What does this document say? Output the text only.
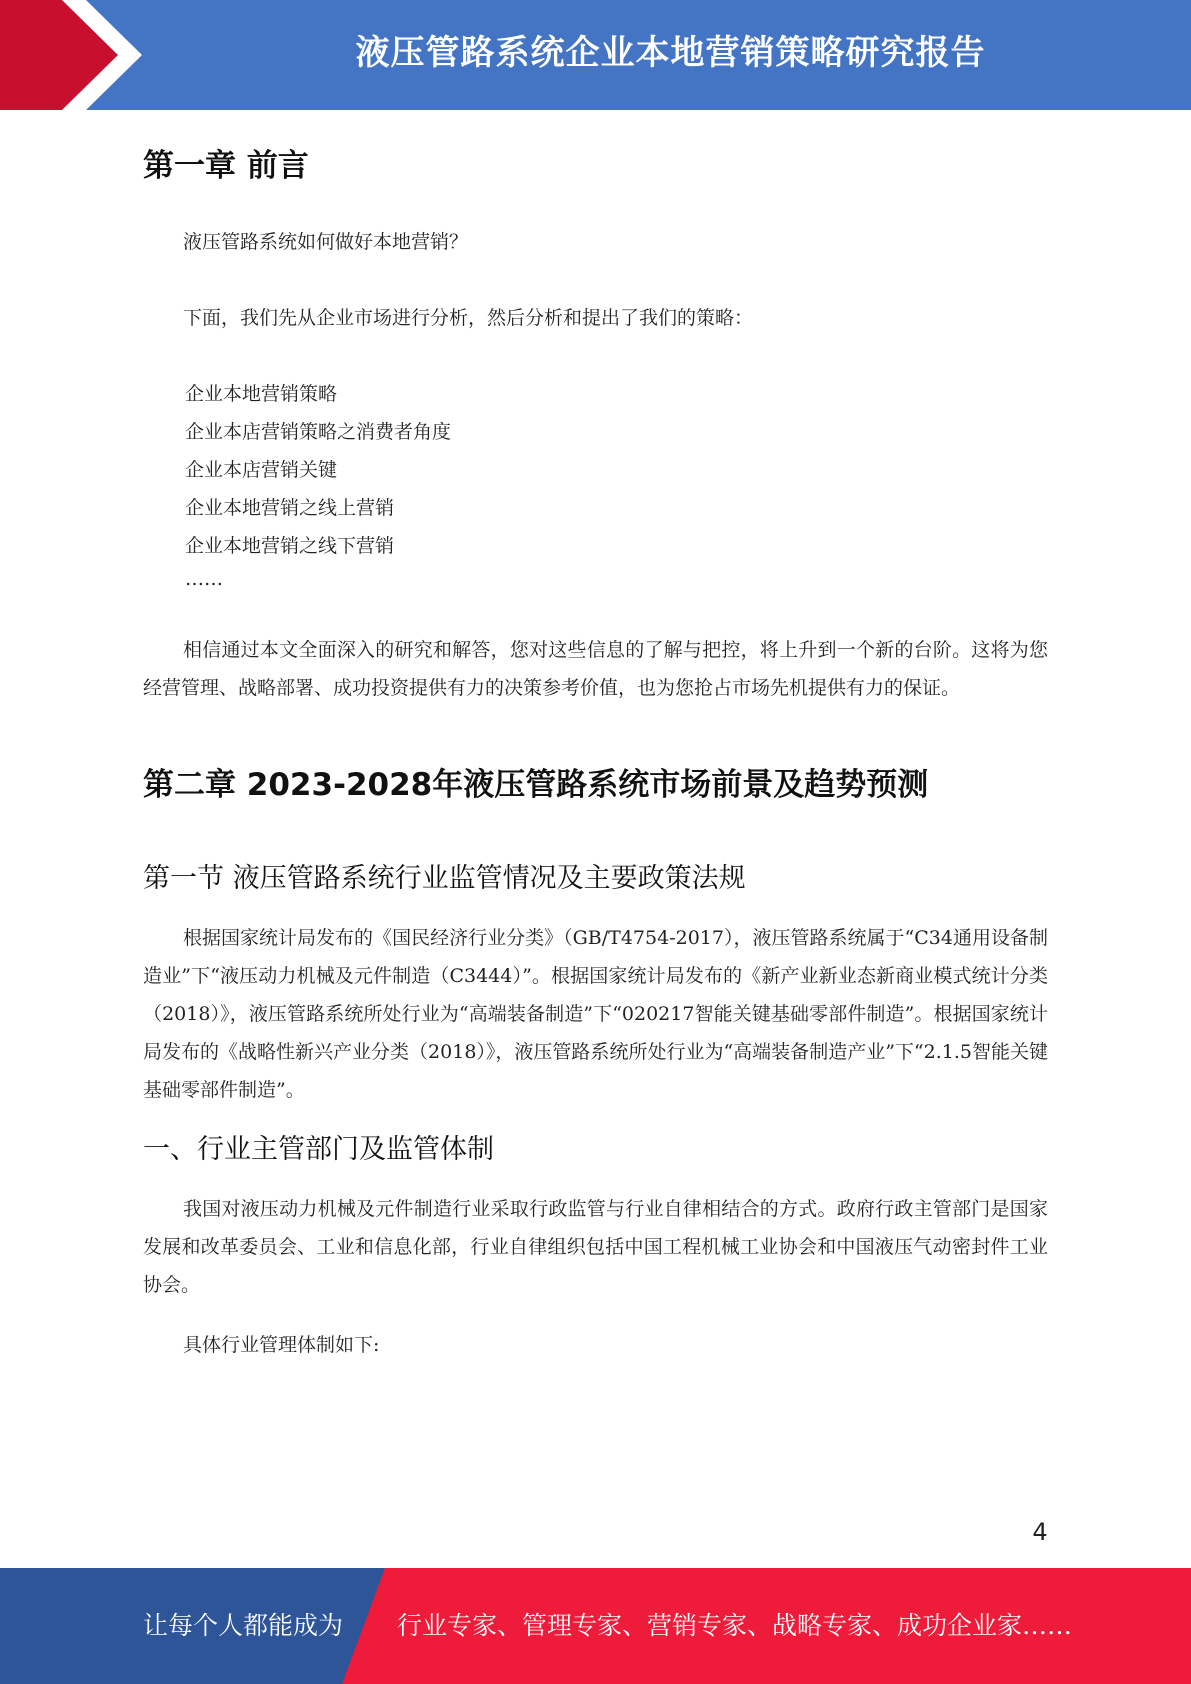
液压管路系统企业本地营销策略研究报告
第一章 前言

液压管路系统如何做好本地营销？

下面，我们先从企业市场进行分析，然后分析和提出了我们的策略：

企业本地营销策略
企业本店营销策略之消费者角度
企业本店营销关键
企业本地营销之线上营销
企业本地营销之线下营销
……

相信通过本文全面深入的研究和解答，您对这些信息的了解与把控，将上升到一个新的台阶。这将为您经营管理、战略部署、成功投资提供有力的决策参考价值，也为您抢占市场先机提供有力的保证。

第二章 2023-2028年液压管路系统市场前景及趋势预测
第一节 液压管路系统行业监管情况及主要政策法规

根据国家统计局发布的《国民经济行业分类》（GB/T4754-2017），液压管路系统属于“C34通用设备制造业”下“液压动力机械及元件制造（C3444）”。根据国家统计局发布的《新产业新业态新商业模式统计分类（2018）》，液压管路系统所处行业为“高端装备制造”下“020217智能关键基础零部件制造”。根据国家统计局发布的《战略性新兴产业分类（2018）》，液压管路系统所处行业为“高端装备制造产业”下“2.1.5智能关键基础零部件制造”。

一、行业主管部门及监管体制

我国对液压动力机械及元件制造行业采取行政监管与行业自律相结合的方式。政府行政主管部门是国家发展和改革委员会、工业和信息化部，行业自律组织包括中国工程机械工业协会和中国液压气动密封件工业协会。

具体行业管理体制如下:

4
让每个人都能成为 行业专家、管理专家、营销专家、战略专家、成功企业家……
